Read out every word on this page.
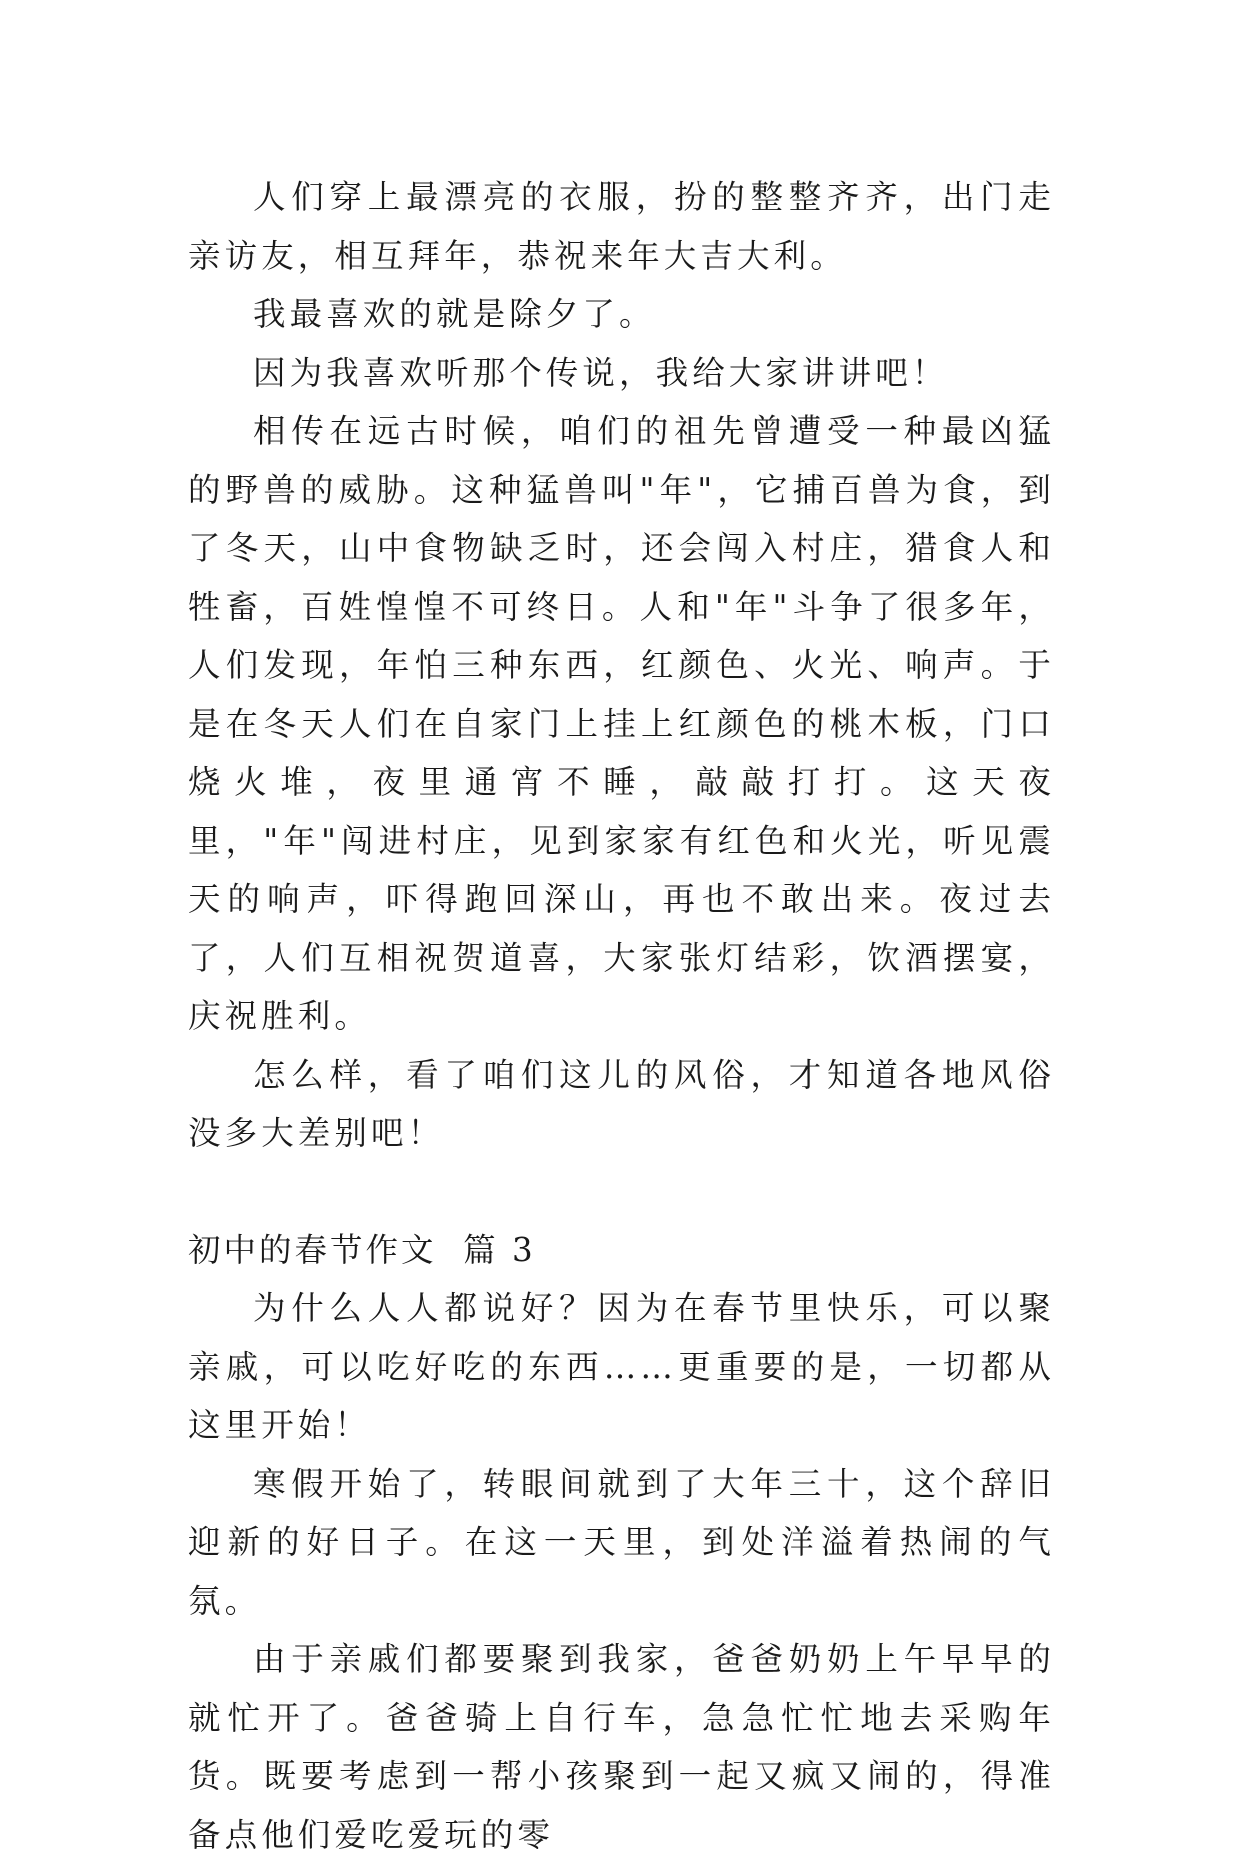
人们穿上最漂亮的衣服，扮的整整齐齐，出门走亲访友，相互拜年，恭祝来年大吉大利。

我最喜欢的就是除夕了。

因为我喜欢听那个传说，我给大家讲讲吧！

相传在远古时候，咱们的祖先曾遭受一种最凶猛的野兽的威胁。这种猛兽叫"年"，它捕百兽为食，到了冬天，山中食物缺乏时，还会闯入村庄，猎食人和牲畜，百姓惶惶不可终日。人和"年"斗争了很多年，人们发现，年怕三种东西，红颜色、火光、响声。于是在冬天人们在自家门上挂上红颜色的桃木板，门口烧火堆，夜里通宵不睡，敲敲打打。这天夜里，"年"闯进村庄，见到家家有红色和火光，听见震天的响声，吓得跑回深山，再也不敢出来。夜过去了，人们互相祝贺道喜，大家张灯结彩，饮酒摆宴，庆祝胜利。

怎么样，看了咱们这儿的风俗，才知道各地风俗没多大差别吧！

初中的春节作文  篇 3

为什么人人都说好？因为在春节里快乐，可以聚亲戚，可以吃好吃的东西……更重要的是，一切都从这里开始！

寒假开始了，转眼间就到了大年三十，这个辞旧迎新的好日子。在这一天里，到处洋溢着热闹的气氛。

由于亲戚们都要聚到我家，爸爸奶奶上午早早的就忙开了。爸爸骑上自行车，急急忙忙地去采购年货。既要考虑到一帮小孩聚到一起又疯又闹的，得准备点他们爱吃爱玩的零
